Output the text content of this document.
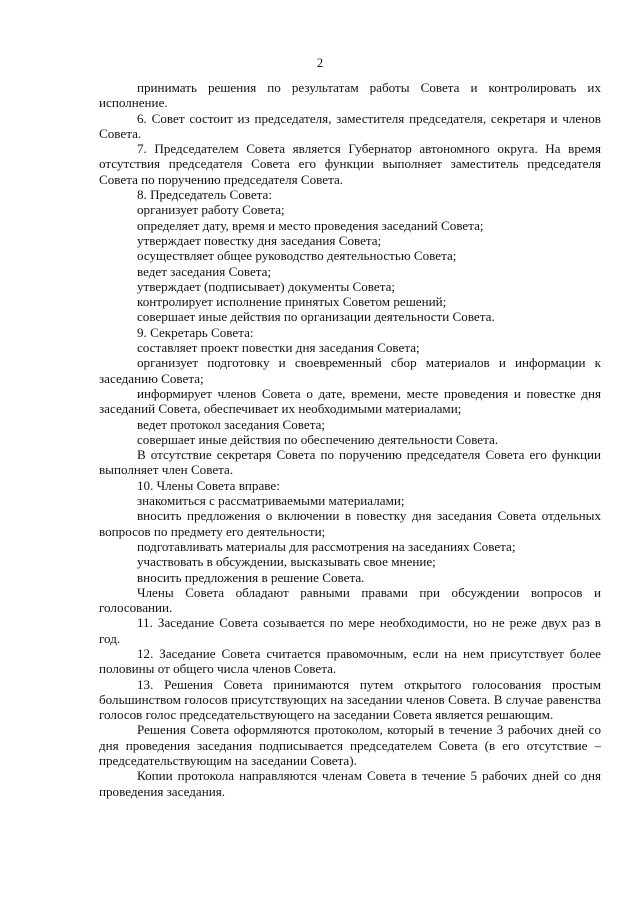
2

принимать решения по результатам работы Совета и контролировать их исполнение.

6. Совет состоит из председателя, заместителя председателя, секретаря и членов Совета.

7. Председателем Совета является Губернатор автономного округа. На время отсутствия председателя Совета его функции выполняет заместитель председателя Совета по поручению председателя Совета.

8. Председатель Совета:

организует работу Совета;

определяет дату, время и место проведения заседаний Совета;

утверждает повестку дня заседания Совета;

осуществляет общее руководство деятельностью Совета;

ведет заседания Совета;

утверждает (подписывает) документы Совета;

контролирует исполнение принятых Советом решений;

совершает иные действия по организации деятельности Совета.

9. Секретарь Совета:

составляет проект повестки дня заседания Совета;

организует подготовку и своевременный сбор материалов и информации к заседанию Совета;

информирует членов Совета о дате, времени, месте проведения и повестке дня заседаний Совета, обеспечивает их необходимыми материалами;

ведет протокол заседания Совета;

совершает иные действия по обеспечению деятельности Совета.

В отсутствие секретаря Совета по поручению председателя Совета его функции выполняет член Совета.

10. Члены Совета вправе:

знакомиться с рассматриваемыми материалами;

вносить предложения о включении в повестку дня заседания Совета отдельных вопросов по предмету его деятельности;

подготавливать материалы для рассмотрения на заседаниях Совета;

участвовать в обсуждении, высказывать свое мнение;

вносить предложения в решение Совета.

Члены Совета обладают равными правами при обсуждении вопросов и голосовании.

11. Заседание Совета созывается по мере необходимости, но не реже двух раз в год.

12. Заседание Совета считается правомочным, если на нем присутствует более половины от общего числа членов Совета.

13. Решения Совета принимаются путем открытого голосования простым большинством голосов присутствующих на заседании членов Совета. В случае равенства голосов голос председательствующего на заседании Совета является решающим.

Решения Совета оформляются протоколом, который в течение 3 рабочих дней со дня проведения заседания подписывается председателем Совета (в его отсутствие – председательствующим на заседании Совета).

Копии протокола направляются членам Совета в течение 5 рабочих дней со дня проведения заседания.
